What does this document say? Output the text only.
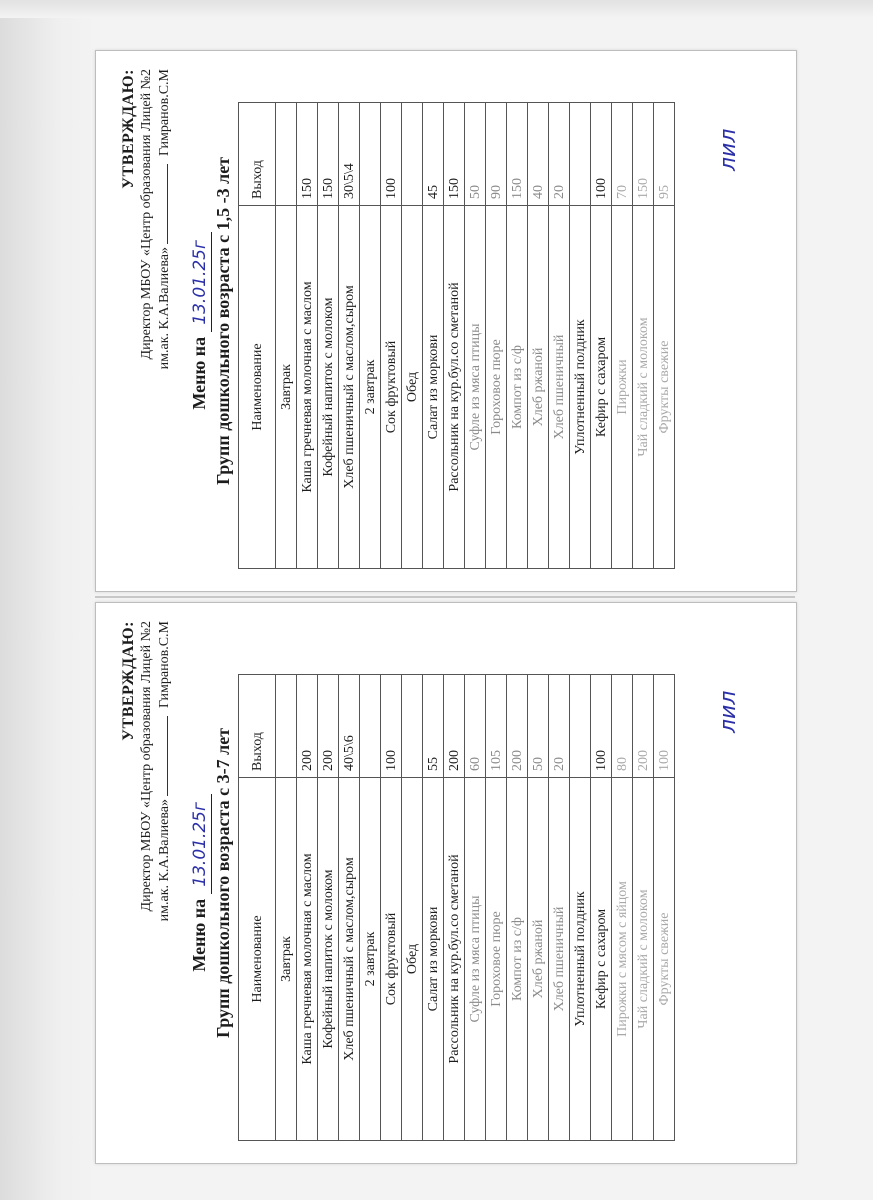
УТВЕРЖДАЮ: Директор МБОУ «Центр образования Лицей №2 им.ак. К.А.Валиева»  Гимранов.С.М
Меню на 13.01.25г Групп дошкольного возраста с 1,5 -3 лет Наименование	Выход
Завтрак	
Каша гречневая молочная с маслом	150
Кофейный напиток с молоком	150
Хлеб пшеничный с маслом,сыром	30\5\4
2 завтрак	
Сок фруктовый	100
Обед	
Салат из моркови	45
Рассольник на кур.бул.со сметаной	150
Суфле из мяса птицы	50
Гороховое пюре	90
Компот из с/ф	150
Хлеб ржаной	40
Хлеб пшеничный	20
Уплотненный полдник	
Кефир с сахаром	100
Пирожки	70
Чай сладкий с молоком	150
Фрукты свежие	95
лил
УТВЕРЖДАЮ: Директор МБОУ «Центр образования Лицей №2 им.ак. К.А.Валиева»  Гимранов.С.М
Меню на 13.01.25г Групп дошкольного возраста с 3-7 лет Наименование	Выход
Завтрак	
Каша гречневая молочная с маслом	200
Кофейный напиток с молоком	200
Хлеб пшеничный с маслом,сыром	40\5\6
2 завтрак	
Сок фруктовый	100
Обед	
Салат из моркови	55
Рассольник на кур.бул.со сметаной	200
Суфле из мяса птицы	60
Гороховое пюре	105
Компот из с/ф	200
Хлеб ржаной	50
Хлеб пшеничный	20
Уплотненный полдник	
Кефир с сахаром	100
Пирожки с мясом с яйцом	80
Чай сладкий с молоком	200
Фрукты свежие	100
лил
